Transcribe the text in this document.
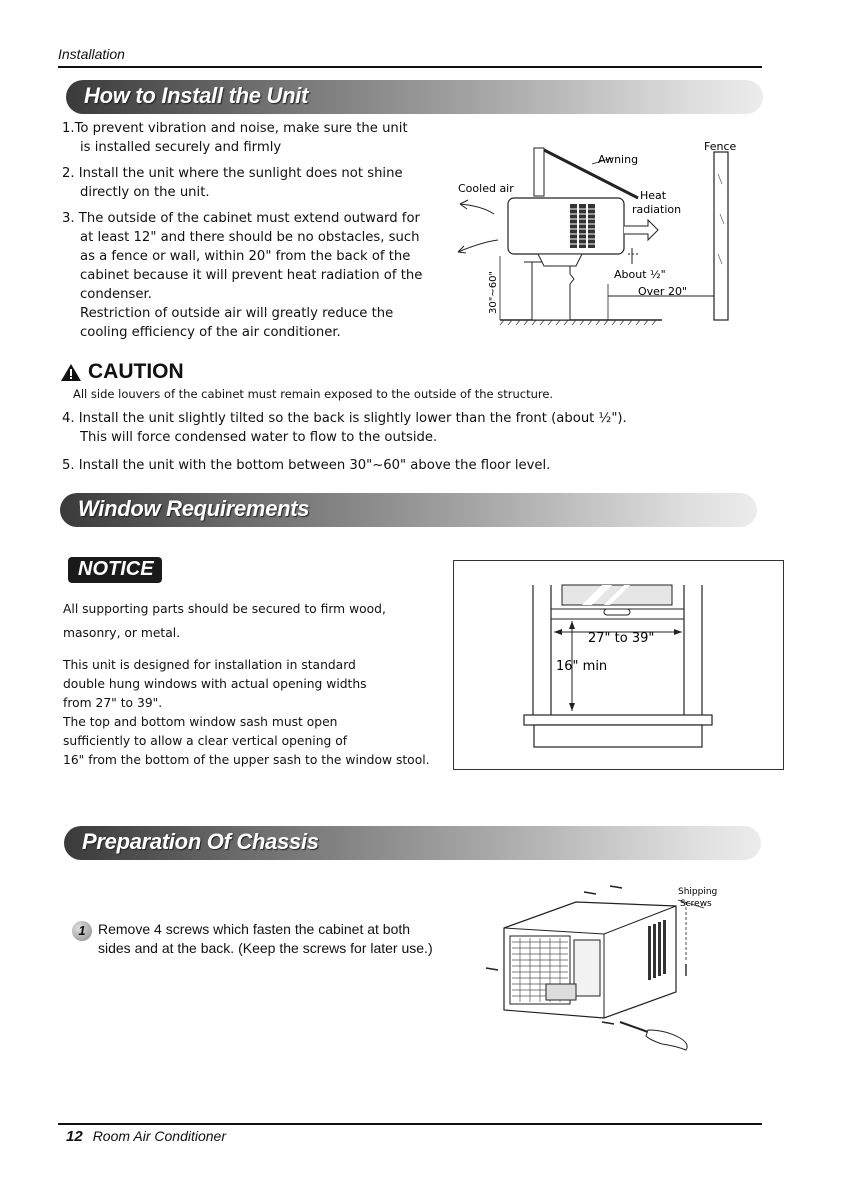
Installation
How to Install the Unit
1.To prevent vibration and noise, make sure the unit
is installed securely and firmly
2. Install the unit where the sunlight does not shine
directly on the unit.
3. The outside of the cabinet must extend outward for
at least 12" and there should be no obstacles, such
as a fence or wall, within 20" from the back of the
cabinet because it will prevent heat radiation of the
condenser.
Restriction of outside air will greatly reduce the
cooling efficiency of the air conditioner.
Awning
Fence
Cooled air
Heat
radiation
About ½"
Over 20"
30"~60"
CAUTION
All side louvers of the cabinet must remain exposed to the outside of the structure.
4. Install the unit slightly tilted so the back is slightly lower than the front (about ½").
This will force condensed water to flow to the outside.
5. Install the unit with the bottom between 30"~60" above the floor level.
Window Requirements
NOTICE
All supporting parts should be secured to firm wood,
masonry, or metal.
This unit is designed for installation in standard
double hung windows with actual opening widths
from 27" to 39".
The top and bottom window sash must open
sufficiently to allow a clear vertical opening of
16" from the bottom of the upper sash to the window stool.
27" to 39"
16" min
Preparation Of Chassis
1 Remove 4 screws which fasten the cabinet at both
sides and at the back. (Keep the screws for later use.)
Shipping
Screws
12 Room Air Conditioner
